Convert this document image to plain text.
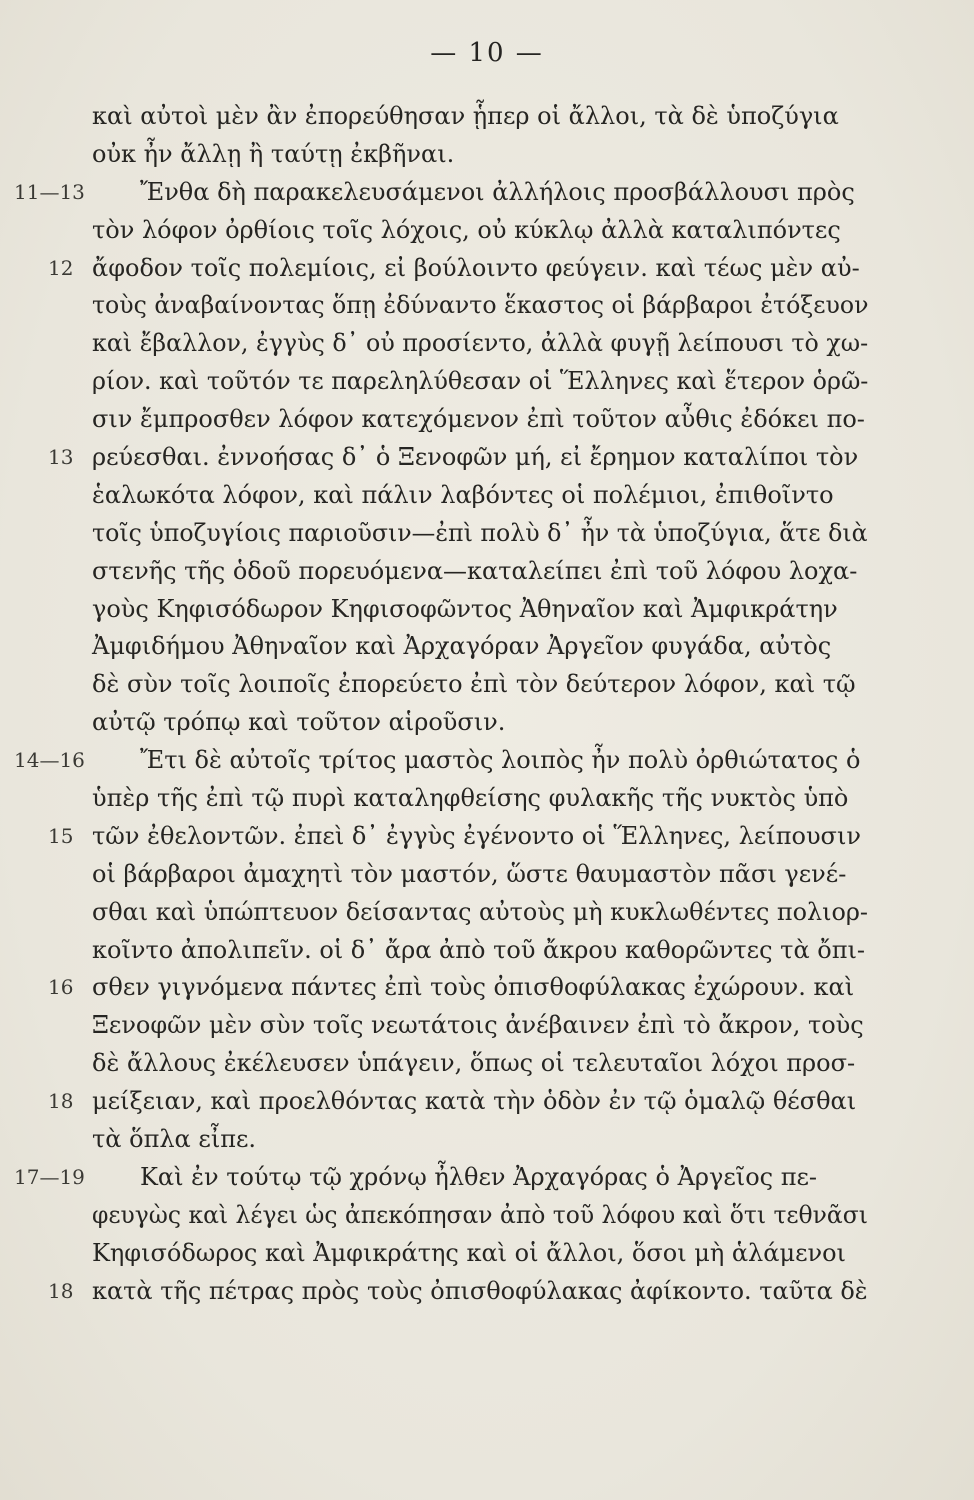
— 10 —
καὶ αὐτοὶ μὲν ἂν ἐπορεύθησαν ᾗπερ οἱ ἄλλοι, τὰ δὲ ὑποζύγια
οὐκ ἦν ἄλλῃ ἢ ταύτῃ ἐκβῆναι.
11—13 Ἔνθα δὴ παρακελευσάμενοι ἀλλήλοις προσβάλλουσι πρὸς
τὸν λόφον ὀρθίοις τοῖς λόχοις, οὐ κύκλῳ ἀλλὰ καταλιπόντες
12 ἄφοδον τοῖς πολεμίοις, εἰ βούλοιντο φεύγειν. καὶ τέως μὲν αὐ-
τοὺς ἀναβαίνοντας ὅπῃ ἐδύναντο ἕκαστος οἱ βάρβαροι ἐτόξευον
καὶ ἔβαλλον, ἐγγὺς δ᾽ οὐ προσίεντο, ἀλλὰ φυγῇ λείπουσι τὸ χω-
ρίον. καὶ τοῦτόν τε παρεληλύθεσαν οἱ Ἕλληνες καὶ ἕτερον ὁρῶ-
σιν ἔμπροσθεν λόφον κατεχόμενον ἐπὶ τοῦτον αὖθις ἐδόκει πο-
13 ρεύεσθαι. ἐννοήσας δ᾽ ὁ Ξενοφῶν μή, εἰ ἔρημον καταλίποι τὸν
ἑαλωκότα λόφον, καὶ πάλιν λαβόντες οἱ πολέμιοι, ἐπιθοῖντο
τοῖς ὑποζυγίοις παριοῦσιν—ἐπὶ πολὺ δ᾽ ἦν τὰ ὑποζύγια, ἅτε διὰ
στενῆς τῆς ὁδοῦ πορευόμενα—καταλείπει ἐπὶ τοῦ λόφου λοχα-
γοὺς Κηφισόδωρον Κηφισοφῶντος Ἀθηναῖον καὶ Ἀμφικράτην
Ἀμφιδήμου Ἀθηναῖον καὶ Ἀρχαγόραν Ἀργεῖον φυγάδα, αὐτὸς
δὲ σὺν τοῖς λοιποῖς ἐπορεύετο ἐπὶ τὸν δεύτερον λόφον, καὶ τῷ
αὐτῷ τρόπῳ καὶ τοῦτον αἱροῦσιν.
14—16 Ἔτι δὲ αὐτοῖς τρίτος μαστὸς λοιπὸς ἦν πολὺ ὀρθιώτατος ὁ
ὑπὲρ τῆς ἐπὶ τῷ πυρὶ καταληφθείσης φυλακῆς τῆς νυκτὸς ὑπὸ
15 τῶν ἐθελοντῶν. ἐπεὶ δ᾽ ἐγγὺς ἐγένοντο οἱ Ἕλληνες, λείπουσιν
οἱ βάρβαροι ἀμαχητὶ τὸν μαστόν, ὥστε θαυμαστὸν πᾶσι γενέ-
σθαι καὶ ὑπώπτευον δείσαντας αὐτοὺς μὴ κυκλωθέντες πολιορ-
κοῖντο ἀπολιπεῖν. οἱ δ᾽ ἄρα ἀπὸ τοῦ ἄκρου καθορῶντες τὰ ὄπι-
16 σθεν γιγνόμενα πάντες ἐπὶ τοὺς ὀπισθοφύλακας ἐχώρουν. καὶ
Ξενοφῶν μὲν σὺν τοῖς νεωτάτοις ἀνέβαινεν ἐπὶ τὸ ἄκρον, τοὺς
δὲ ἄλλους ἐκέλευσεν ὑπάγειν, ὅπως οἱ τελευταῖοι λόχοι προσ-
18 μείξειαν, καὶ προελθόντας κατὰ τὴν ὁδὸν ἐν τῷ ὁμαλῷ θέσθαι
τὰ ὅπλα εἶπε.
17—19 Καὶ ἐν τούτῳ τῷ χρόνῳ ἦλθεν Ἀρχαγόρας ὁ Ἀργεῖος πε-
φευγὼς καὶ λέγει ὡς ἀπεκόπησαν ἀπὸ τοῦ λόφου καὶ ὅτι τεθνᾶσι
Κηφισόδωρος καὶ Ἀμφικράτης καὶ οἱ ἄλλοι, ὅσοι μὴ ἁλάμενοι
18 κατὰ τῆς πέτρας πρὸς τοὺς ὀπισθοφύλακας ἀφίκοντο. ταῦτα δὲ
